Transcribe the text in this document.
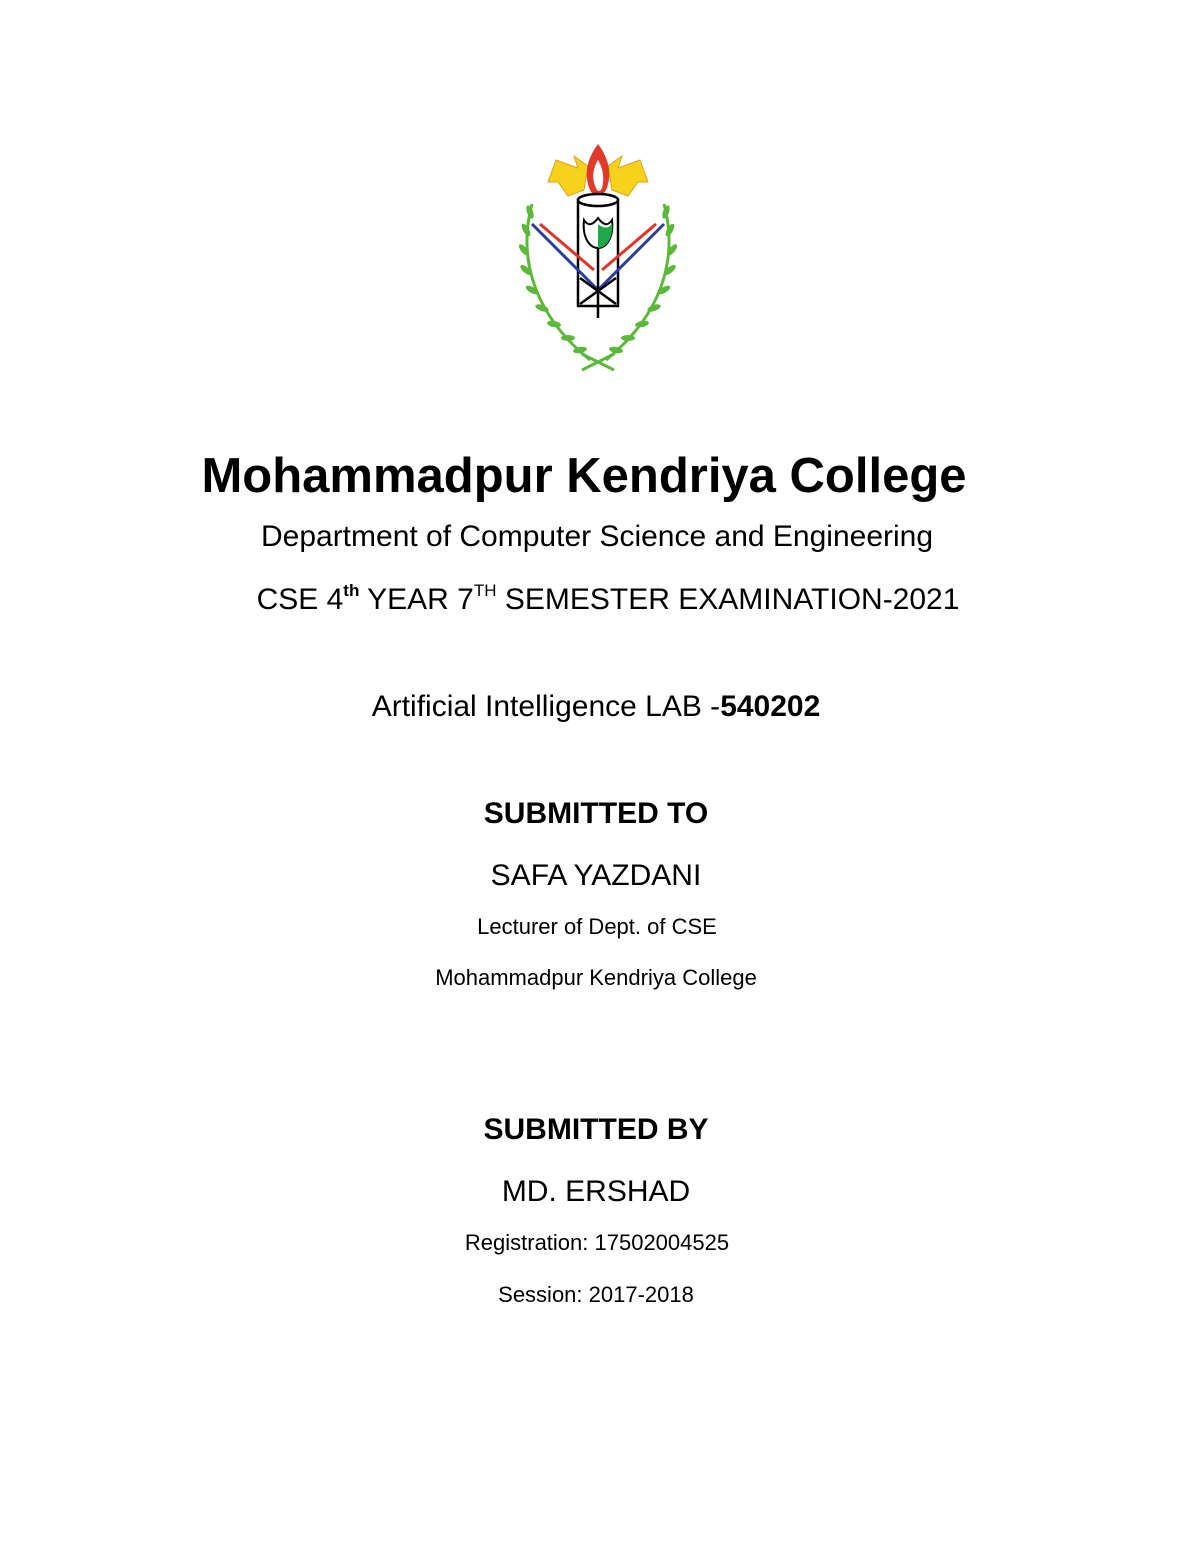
Mohammadpur Kendriya College
Department of Computer Science and Engineering
CSE 4th YEAR 7TH SEMESTER EXAMINATION-2021
Artificial Intelligence LAB -540202
SUBMITTED TO
SAFA YAZDANI
Lecturer of Dept. of CSE
Mohammadpur Kendriya College
SUBMITTED BY
MD. ERSHAD
Registration: 17502004525
Session: 2017-2018
